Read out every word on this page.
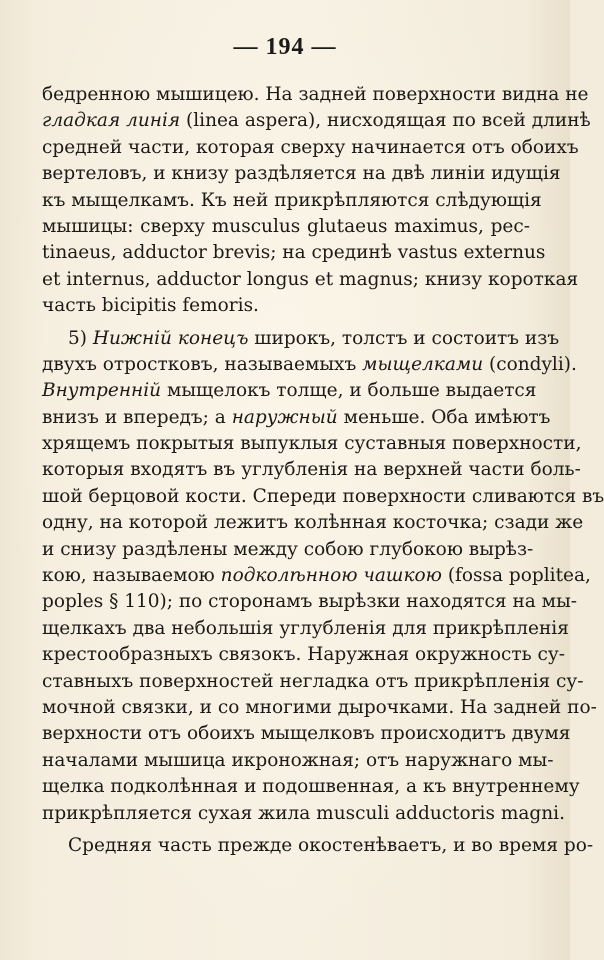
— 194 —
бедренною мышицею. На задней поверхности видна не
гладкая линія (linea aspera), нисходящая по всей длинѣ
средней части, которая сверху начинается отъ обоихъ
вертеловъ, и книзу раздѣляется на двѣ линіи идущія
къ мыщелкамъ. Къ ней прикрѣпляются слѣдующія
мышицы: сверху musculus glutaeus maximus, pec-
tinaeus, adductor brevis; на срединѣ vastus externus
et internus, adductor longus et magnus; книзу короткая
часть bicipitis femoris.
5) Нижній конецъ широкъ, толстъ и состоитъ изъ
двухъ отростковъ, называемыхъ мыщелками (condyli).
Внутренній мыщелокъ толще, и больше выдается
внизъ и впередъ; а наружный меньше. Оба имѣютъ
хрящемъ покрытыя выпуклыя суставныя поверхности,
которыя входятъ въ углубленія на верхней части боль-
шой берцовой кости. Спереди поверхности сливаются въ
одну, на которой лежитъ колѣнная косточка; сзади же
и снизу раздѣлены между собою глубокою вырѣз-
кою, называемою подколѣнною чашкою (fossa poplitea,
poples § 110); по сторонамъ вырѣзки находятся на мы-
щелкахъ два небольшія углубленія для прикрѣпленія
крестообразныхъ связокъ. Наружная окружность су-
ставныхъ поверхностей негладка отъ прикрѣпленія су-
мочной связки, и со многими дырочками. На задней по-
верхности отъ обоихъ мыщелковъ происходитъ двумя
началами мышица икроножная; отъ наружнаго мы-
щелка подколѣнная и подошвенная, а къ внутреннему
прикрѣпляется сухая жила musculi adductoris magni.
Средняя часть прежде окостенѣваетъ, и во время ро-
